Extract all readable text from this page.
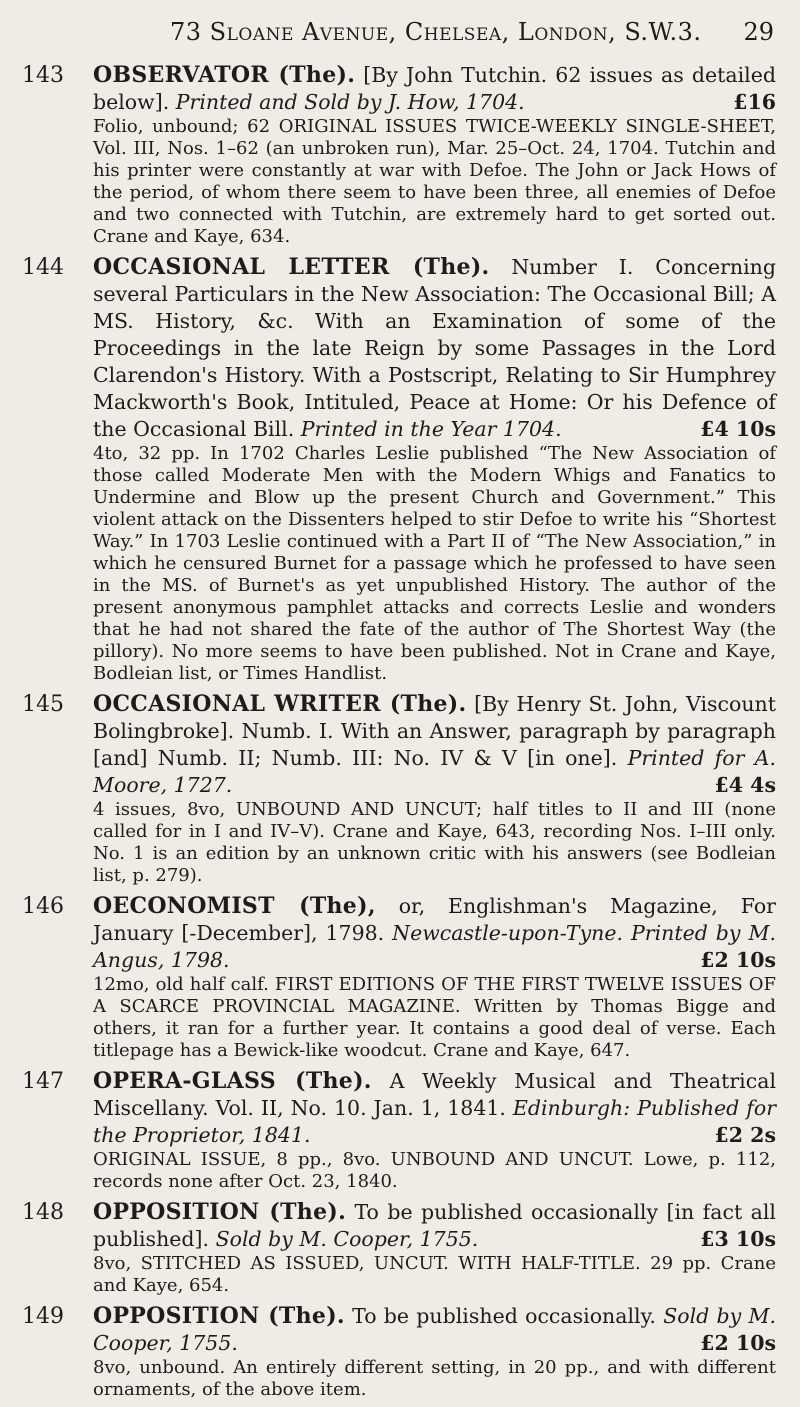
73 Sloane Avenue, Chelsea, London, S.W.3.	29
143 OBSERVATOR (The). [By John Tutchin. 62 issues as detailed below]. Printed and Sold by J. How, 1704.	£16

Folio, unbound; 62 ORIGINAL ISSUES TWICE-WEEKLY SINGLE-SHEET, Vol. III, Nos. 1–62 (an unbroken run), Mar. 25–Oct. 24, 1704. Tutchin and his printer were constantly at war with Defoe. The John or Jack Hows of the period, of whom there seem to have been three, all enemies of Defoe and two connected with Tutchin, are extremely hard to get sorted out. Crane and Kaye, 634.

144 OCCASIONAL LETTER (The). Number I. Concerning several Particulars in the New Association: The Occasional Bill; A MS. History, &c. With an Examination of some of the Proceedings in the late Reign by some Passages in the Lord Clarendon's History. With a Postscript, Relating to Sir Humphrey Mackworth's Book, Intituled, Peace at Home: Or his Defence of the Occasional Bill. Printed in the Year 1704.	£4 10s

4to, 32 pp. In 1702 Charles Leslie published “The New Association of those called Moderate Men with the Modern Whigs and Fanatics to Undermine and Blow up the present Church and Government.” This violent attack on the Dissenters helped to stir Defoe to write his “Shortest Way.” In 1703 Leslie continued with a Part II of “The New Association,” in which he censured Burnet for a passage which he professed to have seen in the MS. of Burnet's as yet unpublished History. The author of the present anonymous pamphlet attacks and corrects Leslie and wonders that he had not shared the fate of the author of The Shortest Way (the pillory). No more seems to have been published. Not in Crane and Kaye, Bodleian list, or Times Handlist.

145 OCCASIONAL WRITER (The). [By Henry St. John, Viscount Bolingbroke]. Numb. I. With an Answer, paragraph by paragraph [and] Numb. II; Numb. III: No. IV & V [in one]. Printed for A. Moore, 1727.	£4 4s

4 issues, 8vo, UNBOUND AND UNCUT; half titles to II and III (none called for in I and IV–V). Crane and Kaye, 643, recording Nos. I–III only. No. 1 is an edition by an unknown critic with his answers (see Bodleian list, p. 279).

146 OECONOMIST (The), or, Englishman's Magazine, For January [-December], 1798. Newcastle-upon-Tyne. Printed by M. Angus, 1798.	£2 10s

12mo, old half calf. FIRST EDITIONS OF THE FIRST TWELVE ISSUES OF A SCARCE PROVINCIAL MAGAZINE. Written by Thomas Bigge and others, it ran for a further year. It contains a good deal of verse. Each titlepage has a Bewick-like woodcut. Crane and Kaye, 647.

147 OPERA-GLASS (The). A Weekly Musical and Theatrical Miscellany. Vol. II, No. 10. Jan. 1, 1841. Edinburgh: Published for the Proprietor, 1841.	£2 2s

ORIGINAL ISSUE, 8 pp., 8vo. UNBOUND AND UNCUT. Lowe, p. 112, records none after Oct. 23, 1840.

148 OPPOSITION (The). To be published occasionally [in fact all published]. Sold by M. Cooper, 1755.	£3 10s

8vo, STITCHED AS ISSUED, UNCUT. WITH HALF-TITLE. 29 pp. Crane and Kaye, 654.

149 OPPOSITION (The). To be published occasionally. Sold by M. Cooper, 1755.	£2 10s

8vo, unbound. An entirely different setting, in 20 pp., and with different ornaments, of the above item.
